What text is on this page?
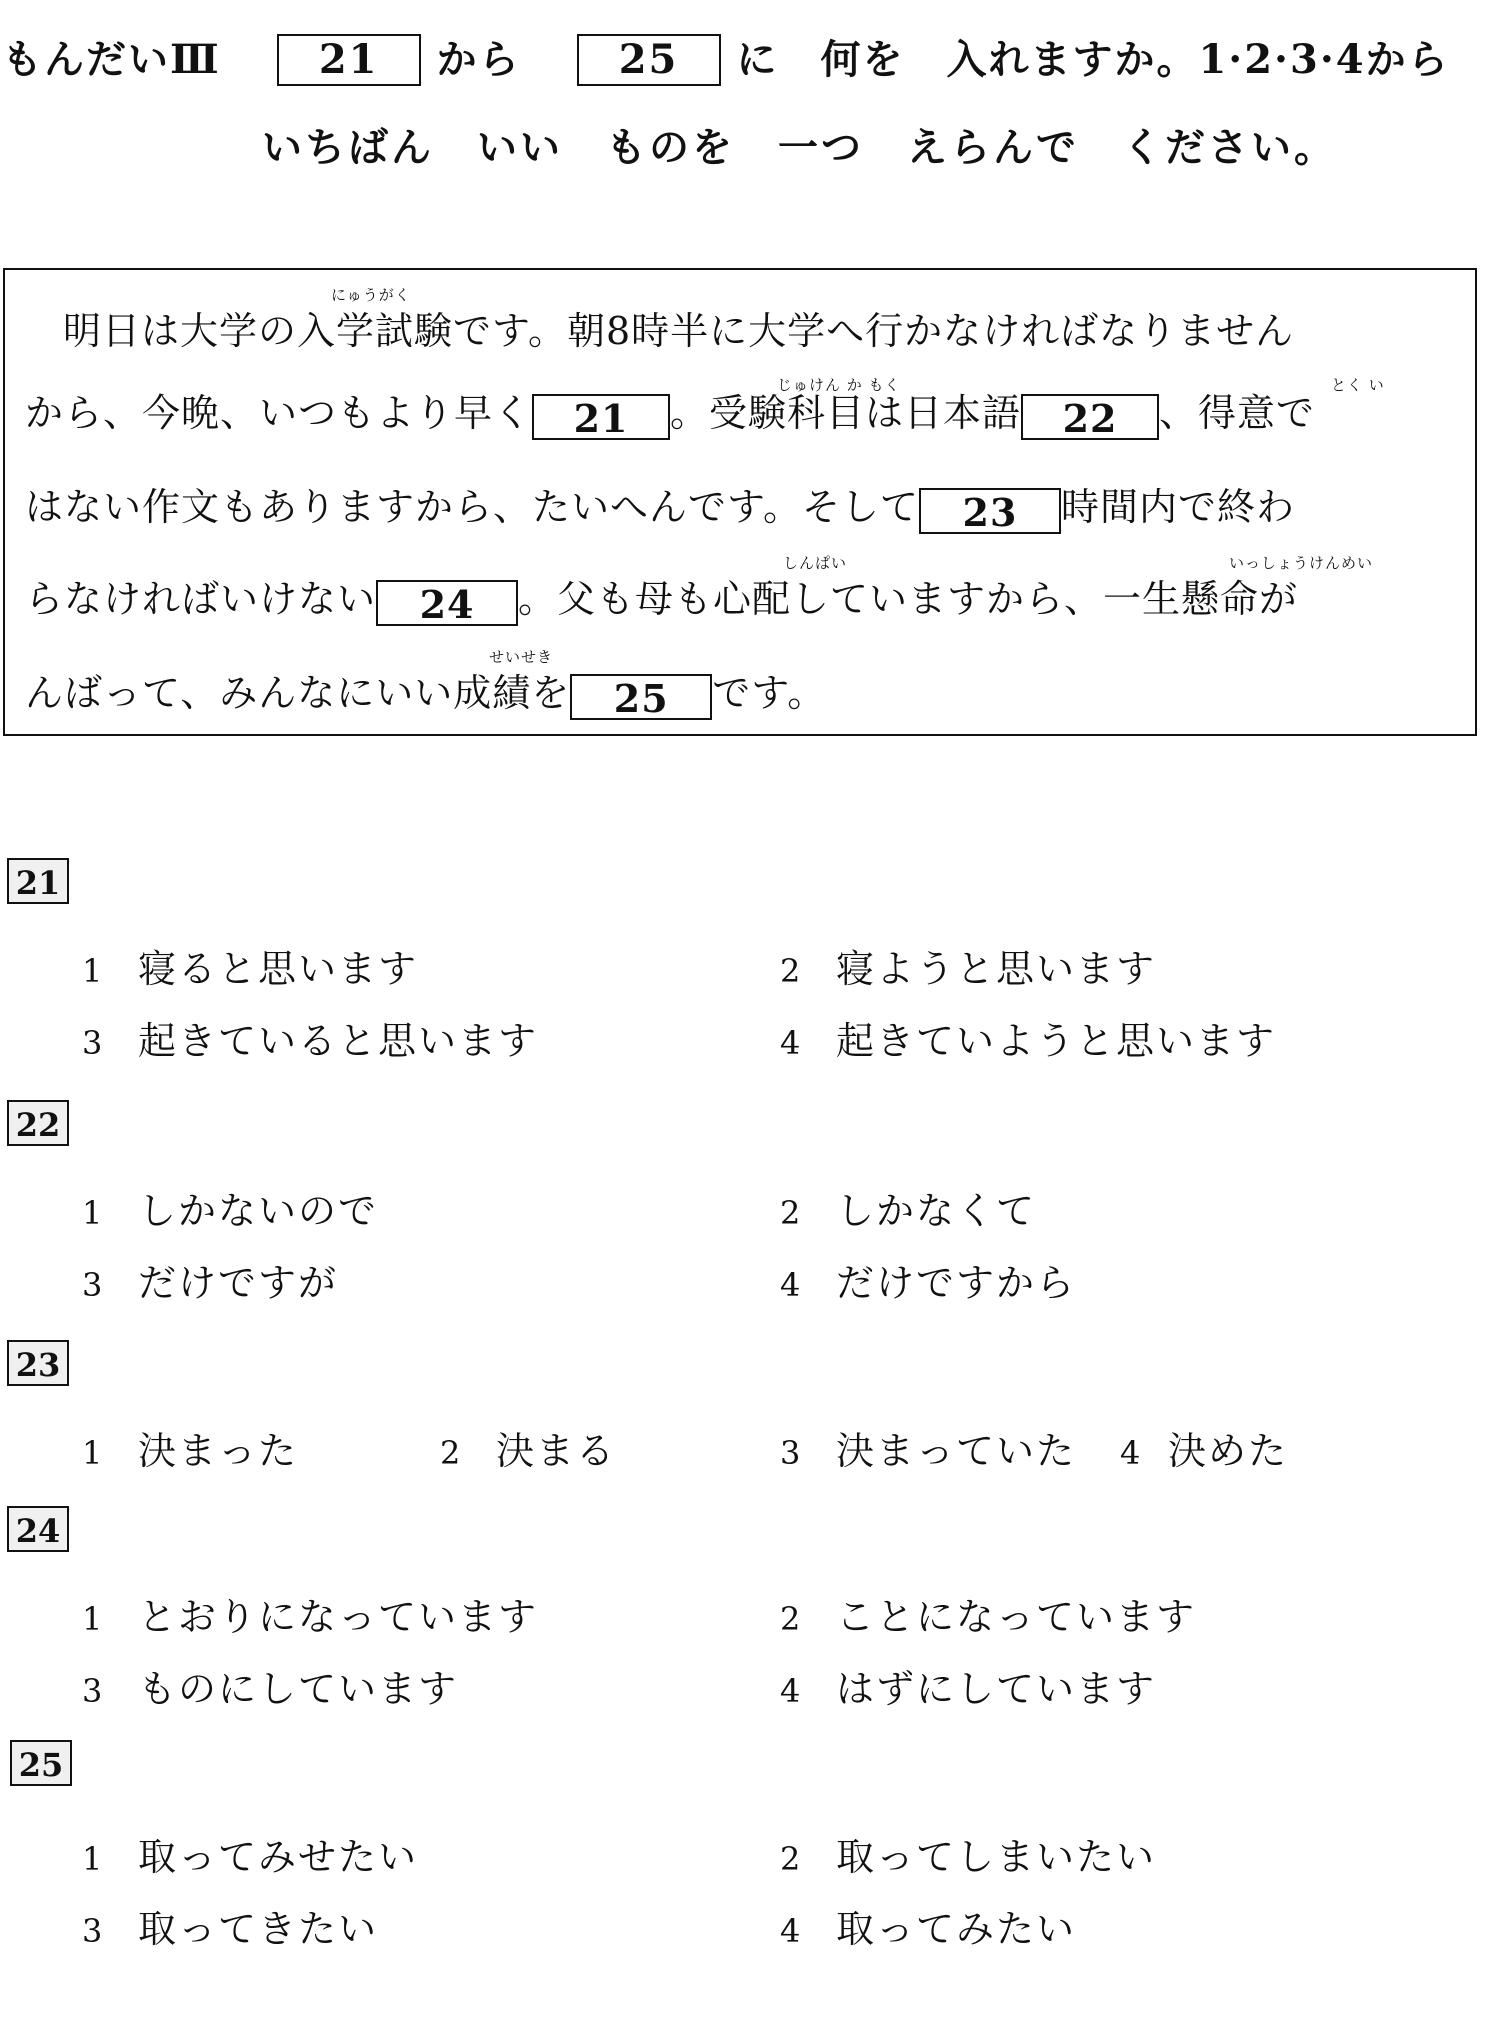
もんだいⅢ 21 から 25 に　何を　入れますか。1·2·3·4から
いちばん　いい　ものを　一つ　えらんで　ください。
にゅうがく
明日は大学の入学試験です。朝8時半に大学へ行かなければなりません
じゅけん か もく	とく い
から、今晩、いつもより早く 21 。受験科目は日本語 22 、得意で
はない作文もありますから、たいへんです。そして 23 時間内で終わ
しんぱい	いっしょうけんめい
らなければいけない 24 。父も母も心配していますから、一生懸命が
せいせき
んばって、みんなにいい成績を 25 です。
21
1 寝ると思います	2 寝ようと思います
3 起きていると思います	4 起きていようと思います
22
1 しかないので	2 しかなくて
3 だけですが	4 だけですから
23
1 決まった	2 決まる	3 決まっていた 4 決めた
24
1 とおりになっています	2 ことになっています
3 ものにしています	4 はずにしています
25
1 取ってみせたい	2 取ってしまいたい
3 取ってきたい	4 取ってみたい
